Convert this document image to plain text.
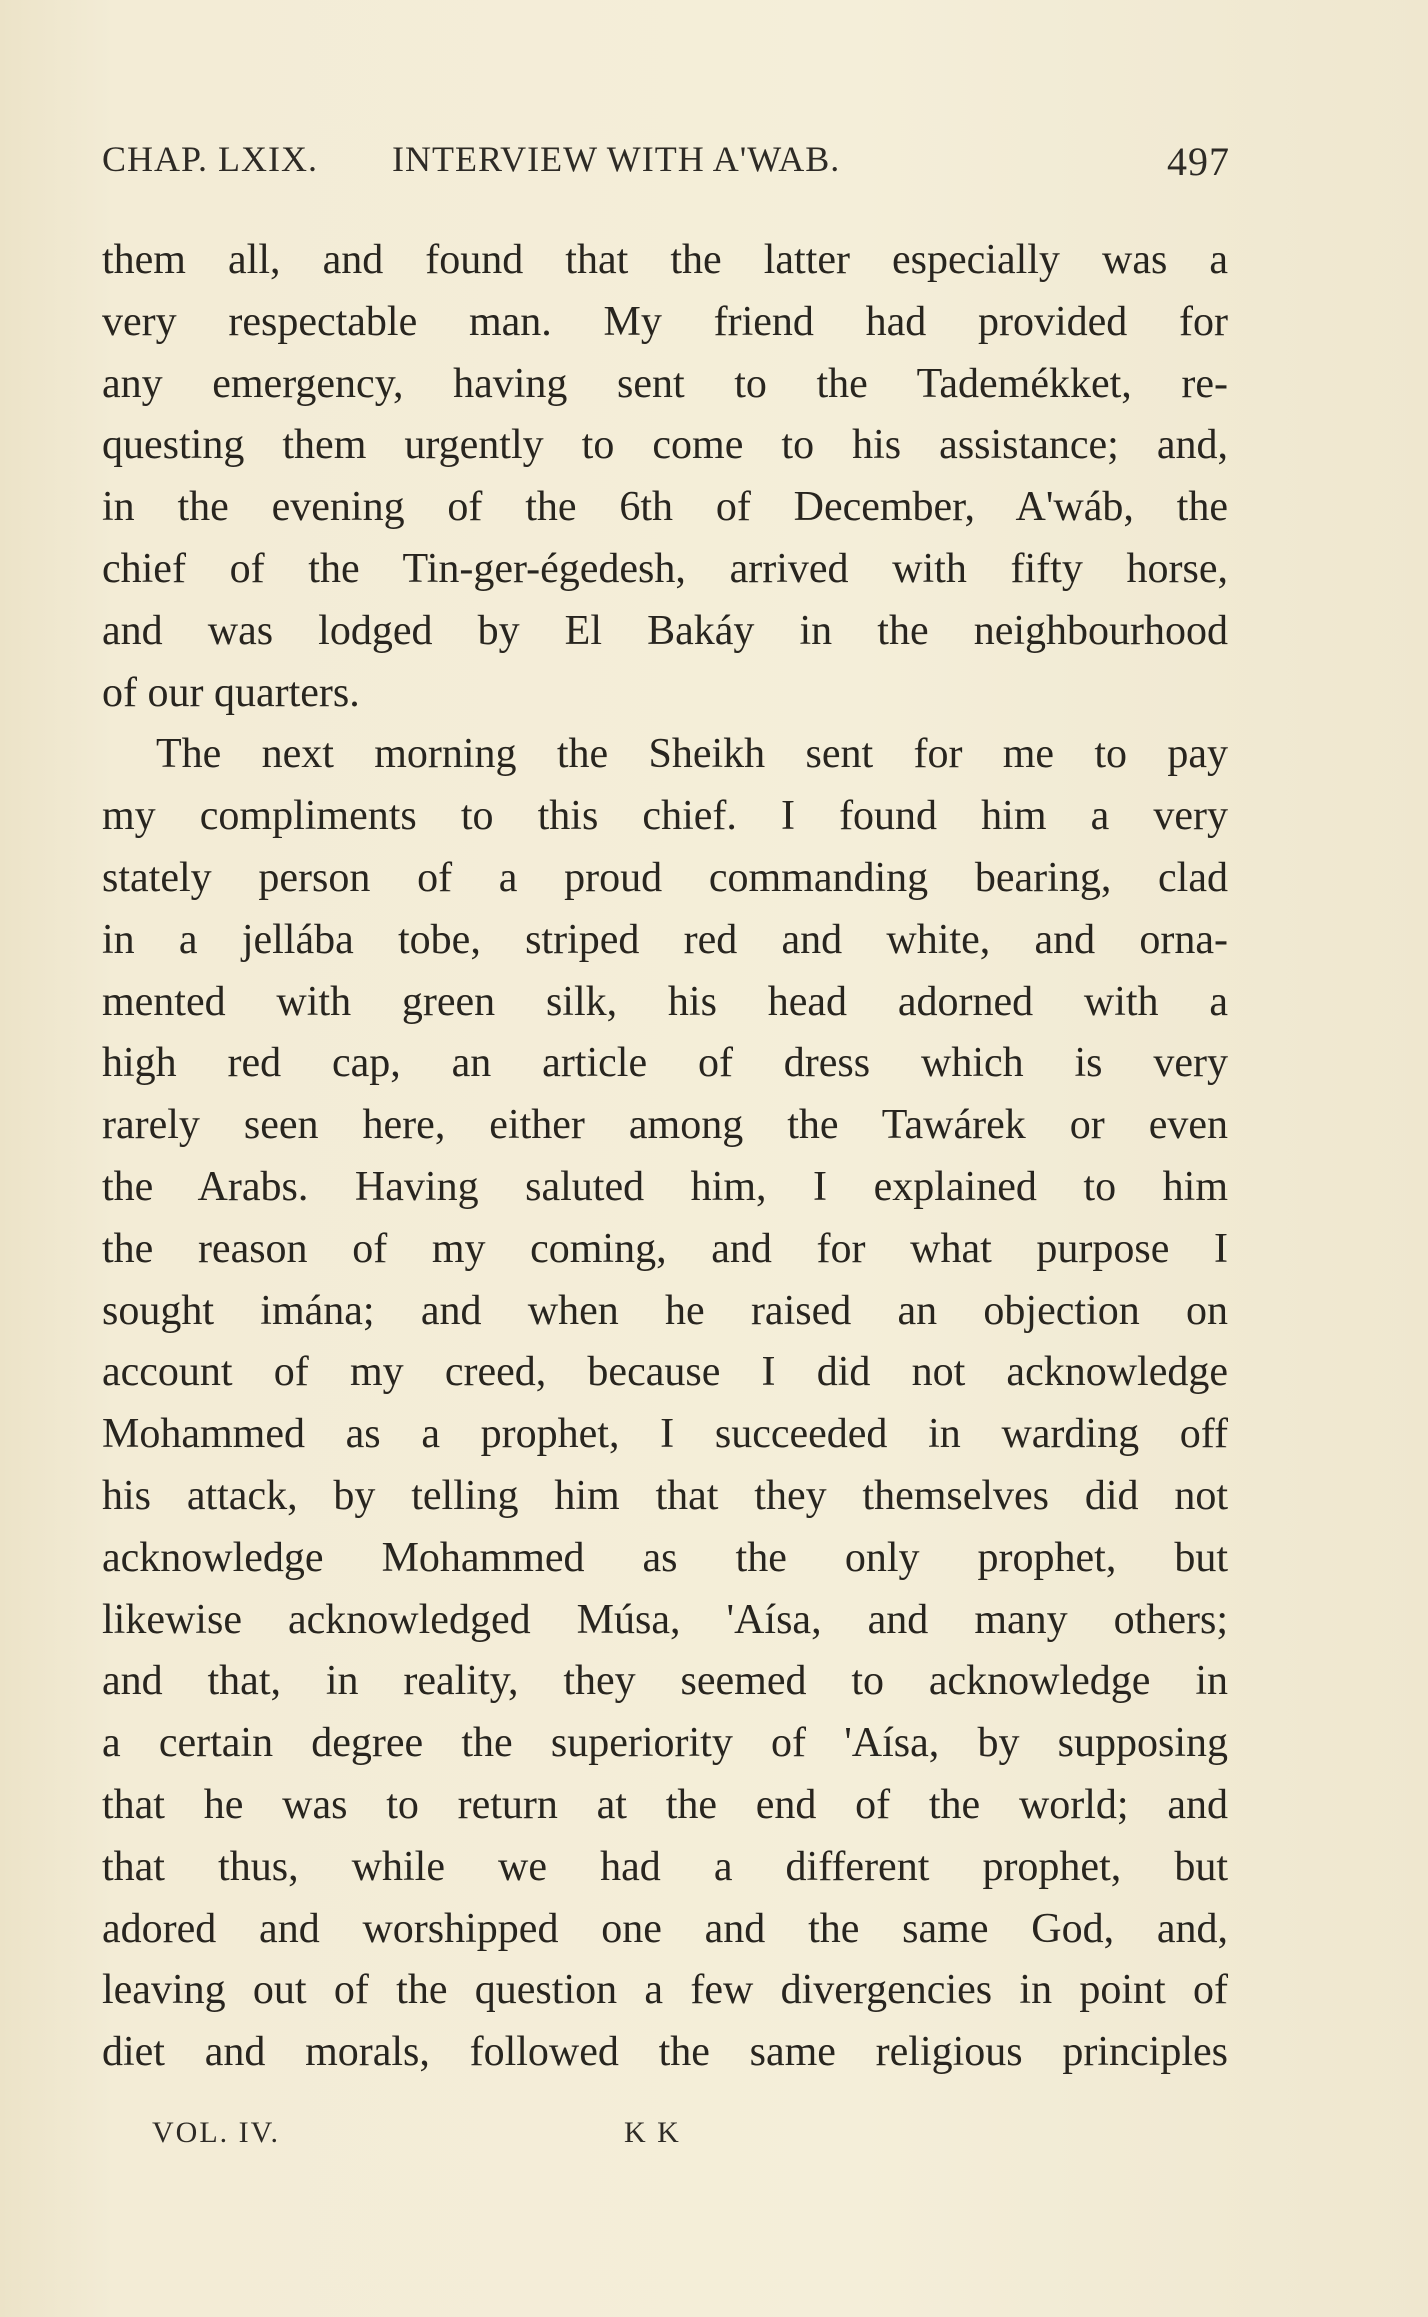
CHAP. LXIX. INTERVIEW WITH A'WAB.	497
them all, and found that the latter especially was a
very respectable man. My friend had provided for
any emergency, having sent to the Tademékket, re-
questing them urgently to come to his assistance; and,
in the evening of the 6th of December, A'wáb, the
chief of the Tin-ger-égedesh, arrived with fifty horse,
and was lodged by El Bakáy in the neighbourhood
of our quarters.
The next morning the Sheikh sent for me to pay
my compliments to this chief. I found him a very
stately person of a proud commanding bearing, clad
in a jellába tobe, striped red and white, and orna-
mented with green silk, his head adorned with a
high red cap, an article of dress which is very
rarely seen here, either among the Tawárek or even
the Arabs. Having saluted him, I explained to him
the reason of my coming, and for what purpose I
sought imána; and when he raised an objection on
account of my creed, because I did not acknowledge
Mohammed as a prophet, I succeeded in warding off
his attack, by telling him that they themselves did not
acknowledge Mohammed as the only prophet, but
likewise acknowledged Músa, 'Aísa, and many others;
and that, in reality, they seemed to acknowledge in
a certain degree the superiority of 'Aísa, by supposing
that he was to return at the end of the world; and
that thus, while we had a different prophet, but
adored and worshipped one and the same God, and,
leaving out of the question a few divergencies in point of
diet and morals, followed the same religious principles
VOL. IV.	K K
